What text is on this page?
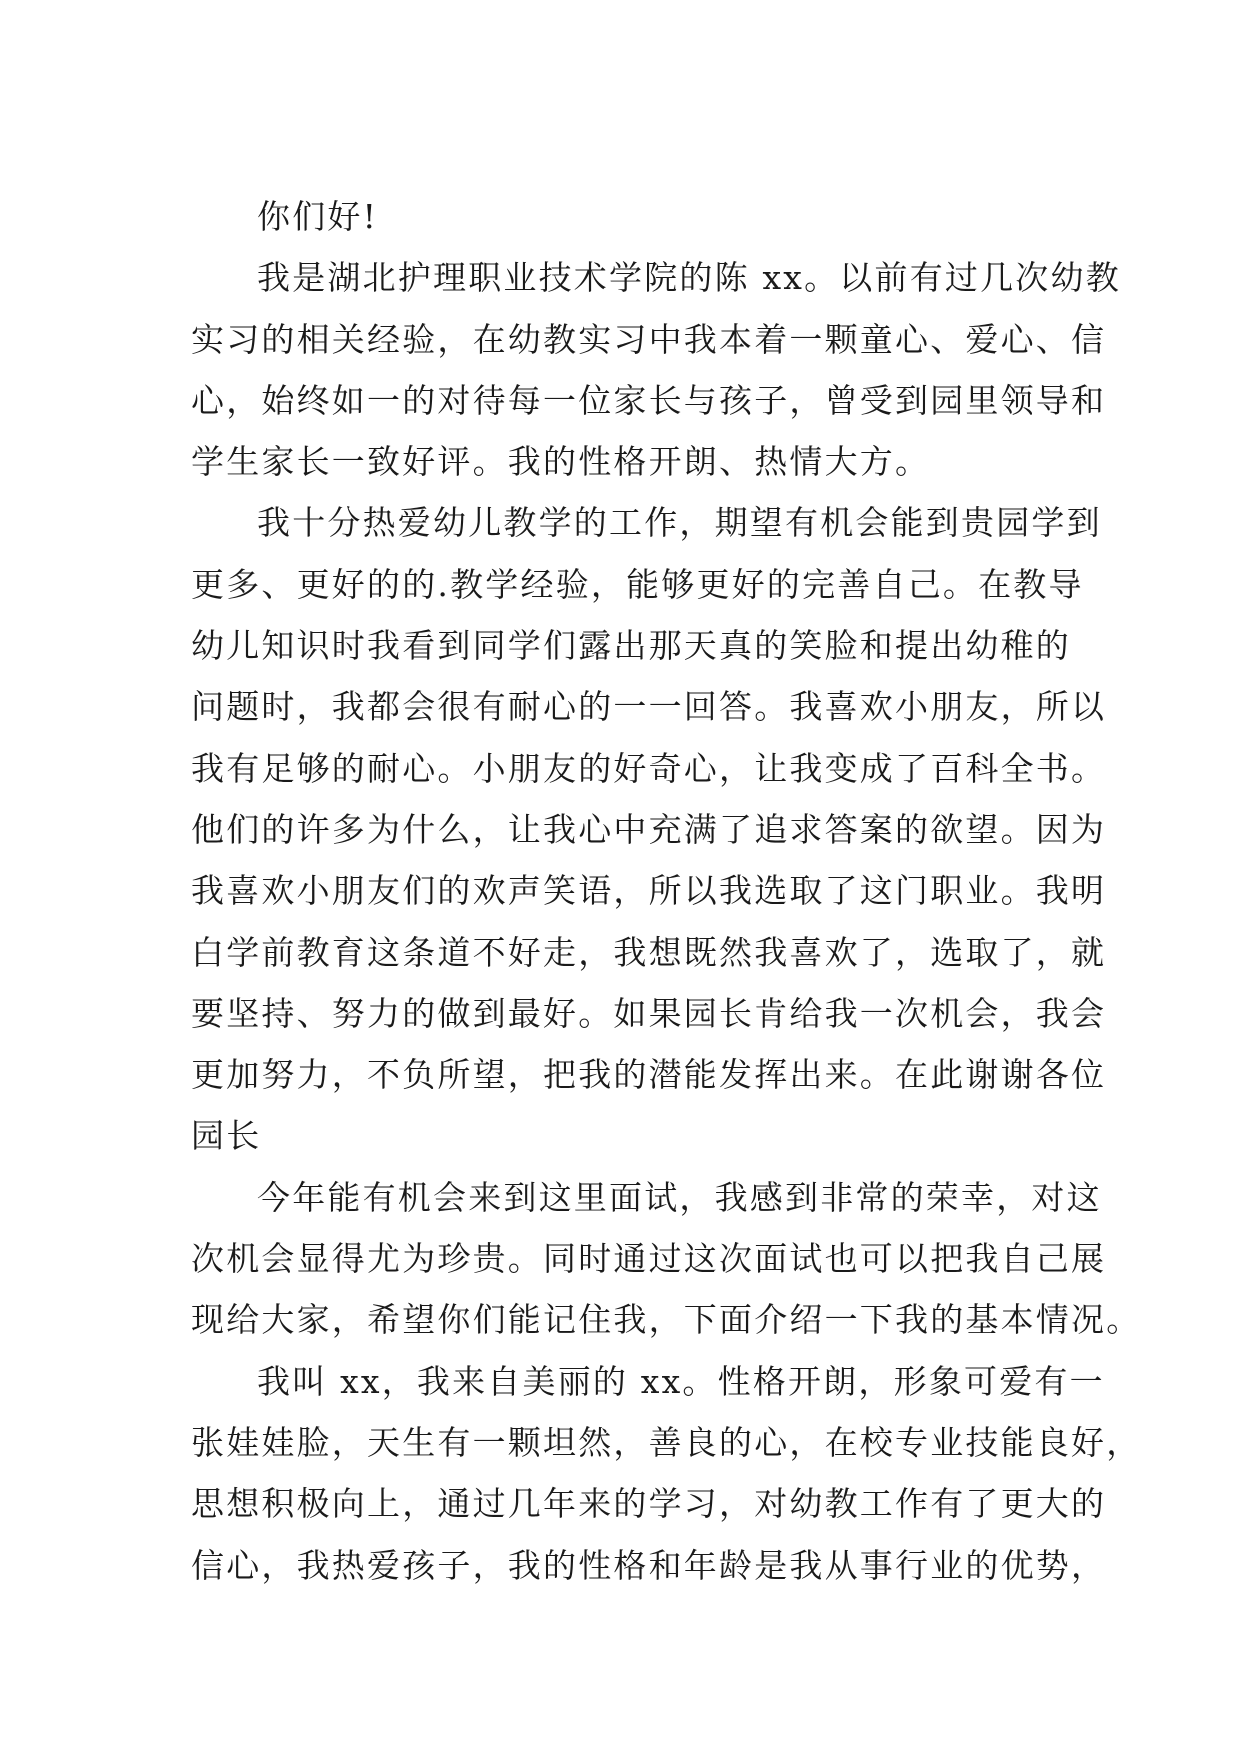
你们好!
我是湖北护理职业技术学院的陈 xx。以前有过几次幼教
实习的相关经验，在幼教实习中我本着一颗童心、爱心、信
心，始终如一的对待每一位家长与孩子，曾受到园里领导和
学生家长一致好评。我的性格开朗、热情大方。
我十分热爱幼儿教学的工作，期望有机会能到贵园学到
更多、更好的的.教学经验，能够更好的完善自己。在教导
幼儿知识时我看到同学们露出那天真的笑脸和提出幼稚的
问题时，我都会很有耐心的一一回答。我喜欢小朋友，所以
我有足够的耐心。小朋友的好奇心，让我变成了百科全书。
他们的许多为什么，让我心中充满了追求答案的欲望。因为
我喜欢小朋友们的欢声笑语，所以我选取了这门职业。我明
白学前教育这条道不好走，我想既然我喜欢了，选取了，就
要坚持、努力的做到最好。如果园长肯给我一次机会，我会
更加努力，不负所望，把我的潜能发挥出来。在此谢谢各位
园长
今年能有机会来到这里面试，我感到非常的荣幸，对这
次机会显得尤为珍贵。同时通过这次面试也可以把我自己展
现给大家，希望你们能记住我，下面介绍一下我的基本情况。
我叫 xx，我来自美丽的 xx。性格开朗，形象可爱有一
张娃娃脸，天生有一颗坦然，善良的心，在校专业技能良好，
思想积极向上，通过几年来的学习，对幼教工作有了更大的
信心，我热爱孩子，我的性格和年龄是我从事行业的优势，
